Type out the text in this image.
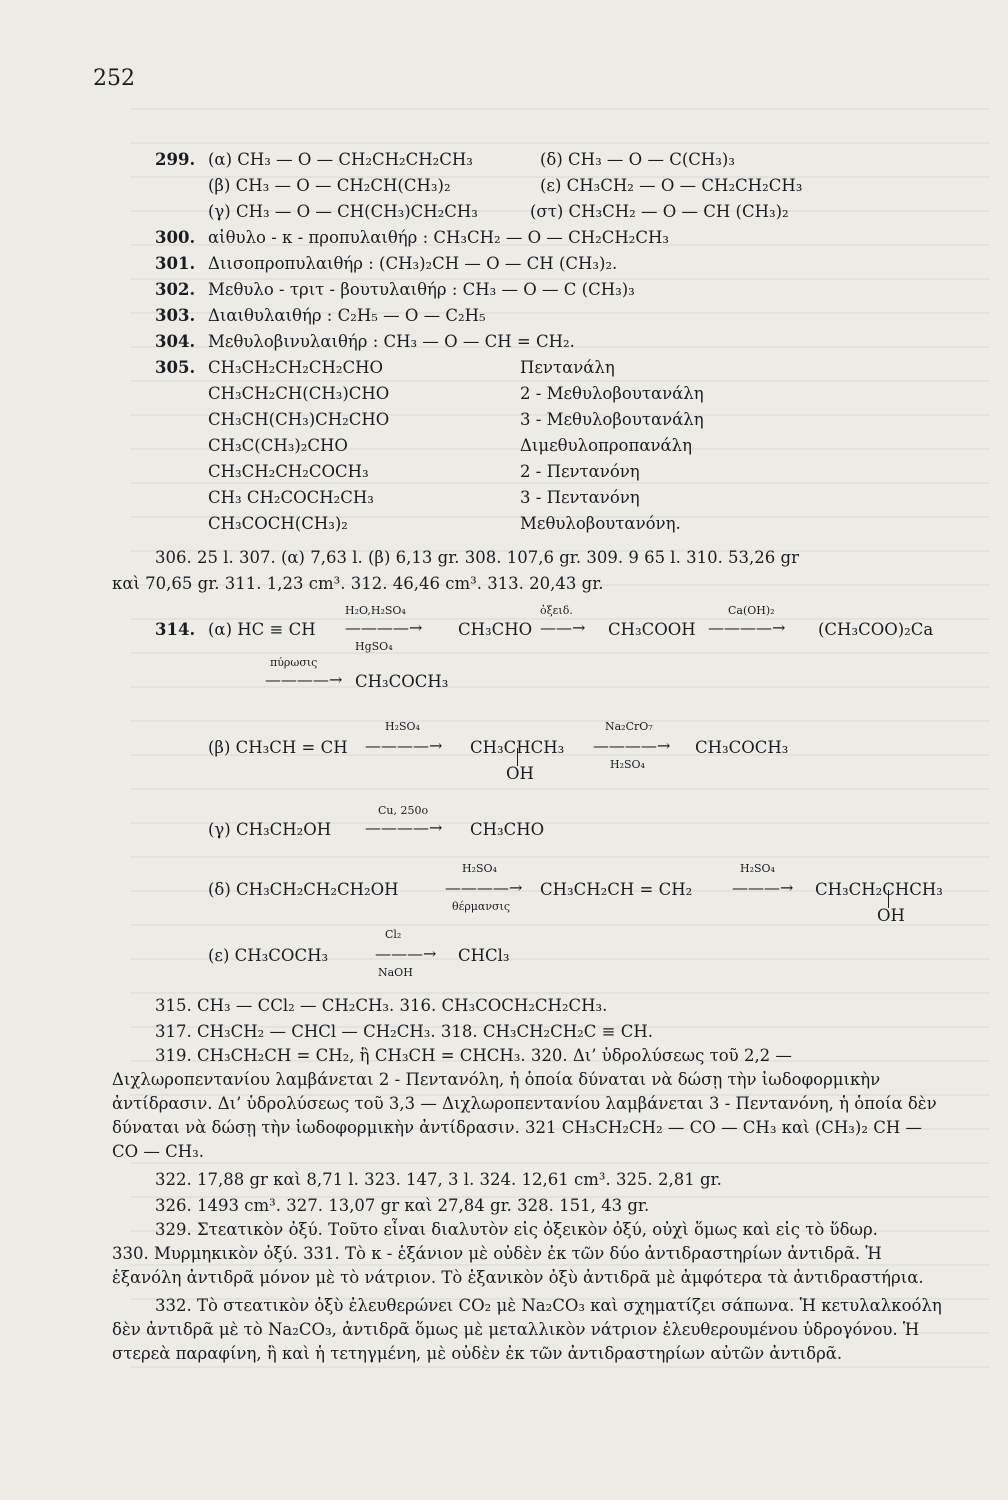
252
299. (α) CH₃ — O — CH₂CH₂CH₂CH₃	(δ) CH₃ — O — C(CH₃)₃
(β) CH₃ — O — CH₂CH(CH₃)₂	(ε) CH₃CH₂ — O — CH₂CH₂CH₃
(γ) CH₃ — O — CH(CH₃)CH₂CH₃	(στ) CH₃CH₂ — O — CH (CH₃)₂
300. αἰθυλο - κ - προπυλαιθήρ : CH₃CH₂ — O — CH₂CH₂CH₃
301. Διισοπροπυλαιθήρ : (CH₃)₂CH — O — CH (CH₃)₂.
302. Μεθυλο - τριτ - βουτυλαιθήρ : CH₃ — O — C (CH₃)₃
303. Διαιθυλαιθήρ : C₂H₅ — O — C₂H₅
304. Μεθυλοβινυλαιθήρ : CH₃ — O — CH = CH₂.
305. CH₃CH₂CH₂CH₂CHO	Πεντανάλη
CH₃CH₂CH(CH₃)CHO	2 - Μεθυλοβουτανάλη
CH₃CH(CH₃)CH₂CHO	3 - Μεθυλοβουτανάλη
CH₃C(CH₃)₂CHO	Διμεθυλοπροπανάλη
CH₃CH₂CH₂COCH₃	2 - Πεντανόνη
CH₃ CH₂COCH₂CH₃	3 - Πεντανόνη
CH₃COCH(CH₃)₂	Μεθυλοβουτανόνη.
306. 25 l. 307. (α) 7,63 l. (β) 6,13 gr. 308. 107,6 gr. 309. 9 65 l. 310. 53,26 gr
καὶ 70,65 gr. 311. 1,23 cm³. 312. 46,46 cm³. 313. 20,43 gr.
314. (α) HC ≡ CH
H₂O,H₂SO₄
————→
HgSO₄
CH₃CHO
ὀξειδ.
——→ CH₃COOH
Ca(OH)₂
————→ (CH₃COO)₂Ca
πύρωσις
————→ CH₃COCH₃
(β) CH₃CH = CH
H₂SO₄
————→ CH₃CHCH₃
OH
Na₂CrO₇
————→
H₂SO₄
CH₃COCH₃
(γ) CH₃CH₂OH
Cu, 250ο
————→ CH₃CHO
(δ) CH₃CH₂CH₂CH₂OH
H₂SO₄
————→
θέρμανσις
CH₃CH₂CH = CH₂
H₂SO₄
———→ CH₃CH₂CHCH₃
OH
(ε) CH₃COCH₃
Cl₂
———→
NaOH
CHCl₃
315. CH₃ — CCl₂ — CH₂CH₃. 316. CH₃COCH₂CH₂CH₃.
317. CH₃CH₂ — CHCl — CH₂CH₃. 318. CH₃CH₂CH₂C ≡ CH.
319. CH₃CH₂CH = CH₂, ἢ CH₃CH = CHCH₃. 320. Δι’ ὑδρολύσεως τοῦ 2,2 — Διχλωροπεντανίου λαμβάνεται 2 - Πεντανόλη, ἡ ὁποία δύναται νὰ δώσῃ τὴν ἰωδοφορμικὴν ἀντίδρασιν. Δι’ ὑδρολύσεως τοῦ 3,3 — Διχλωροπεντανίου λαμβάνεται 3 - Πεντανόνη, ἡ ὁποία δὲν δύναται νὰ δώσῃ τὴν ἰωδοφορμικὴν ἀντίδρασιν. 321 CH₃CH₂CH₂ — CO — CH₃ καὶ (CH₃)₂ CH — CO — CH₃.
322. 17,88 gr καὶ 8,71 l. 323. 147, 3 l. 324. 12,61 cm³. 325. 2,81 gr.
326. 1493 cm³. 327. 13,07 gr καὶ 27,84 gr. 328. 151, 43 gr.
329. Στεατικὸν ὀξύ. Τοῦτο εἶναι διαλυτὸν εἰς ὀξεικὸν ὀξύ, οὐχὶ ὅμως καὶ εἰς τὸ ὕδωρ.
330. Μυρμηκικὸν ὀξύ. 331. Τὸ κ - ἑξάνιον μὲ οὐδὲν ἐκ τῶν δύο ἀντιδραστηρίων ἀντιδρᾶ. Ἡ ἑξανόλη ἀντιδρᾶ μόνον μὲ τὸ νάτριον. Τὸ ἑξανικὸν ὀξὺ ἀντιδρᾶ μὲ ἀμφότερα τὰ ἀντιδραστήρια.
332. Τὸ στεατικὸν ὀξὺ ἐλευθερώνει CO₂ μὲ Na₂CO₃ καὶ σχηματίζει σάπωνα. Ἡ κετυλαλκοόλη δὲν ἀντιδρᾶ μὲ τὸ Na₂CO₃, ἀντιδρᾶ ὅμως μὲ μεταλλικὸν νάτριον ἐλευθερουμένου ὑδρογόνου. Ἡ στερεὰ παραφίνη, ἢ καὶ ἡ τετηγμένη, μὲ οὐδὲν ἐκ τῶν ἀντιδραστηρίων αὐτῶν ἀντιδρᾶ.
